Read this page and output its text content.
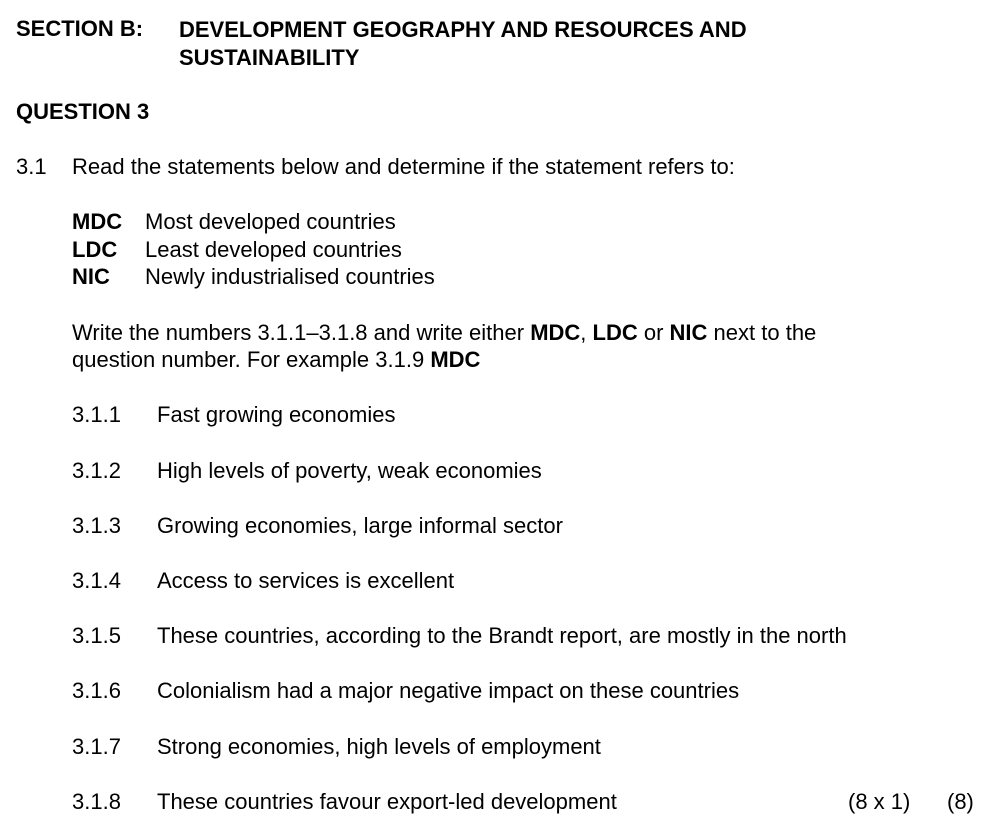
SECTION B: DEVELOPMENT GEOGRAPHY AND RESOURCES AND SUSTAINABILITY
QUESTION 3
3.1 Read the statements below and determine if the statement refers to:
MDC Most developed countries
LDC Least developed countries
NIC Newly industrialised countries
Write the numbers 3.1.1–3.1.8 and write either MDC, LDC or NIC next to the
question number. For example 3.1.9 MDC
3.1.1 Fast growing economies
3.1.2 High levels of poverty, weak economies
3.1.3 Growing economies, large informal sector
3.1.4 Access to services is excellent
3.1.5 These countries, according to the Brandt report, are mostly in the north
3.1.6 Colonialism had a major negative impact on these countries
3.1.7 Strong economies, high levels of employment
3.1.8 These countries favour export-led development	(8 x 1) (8)
